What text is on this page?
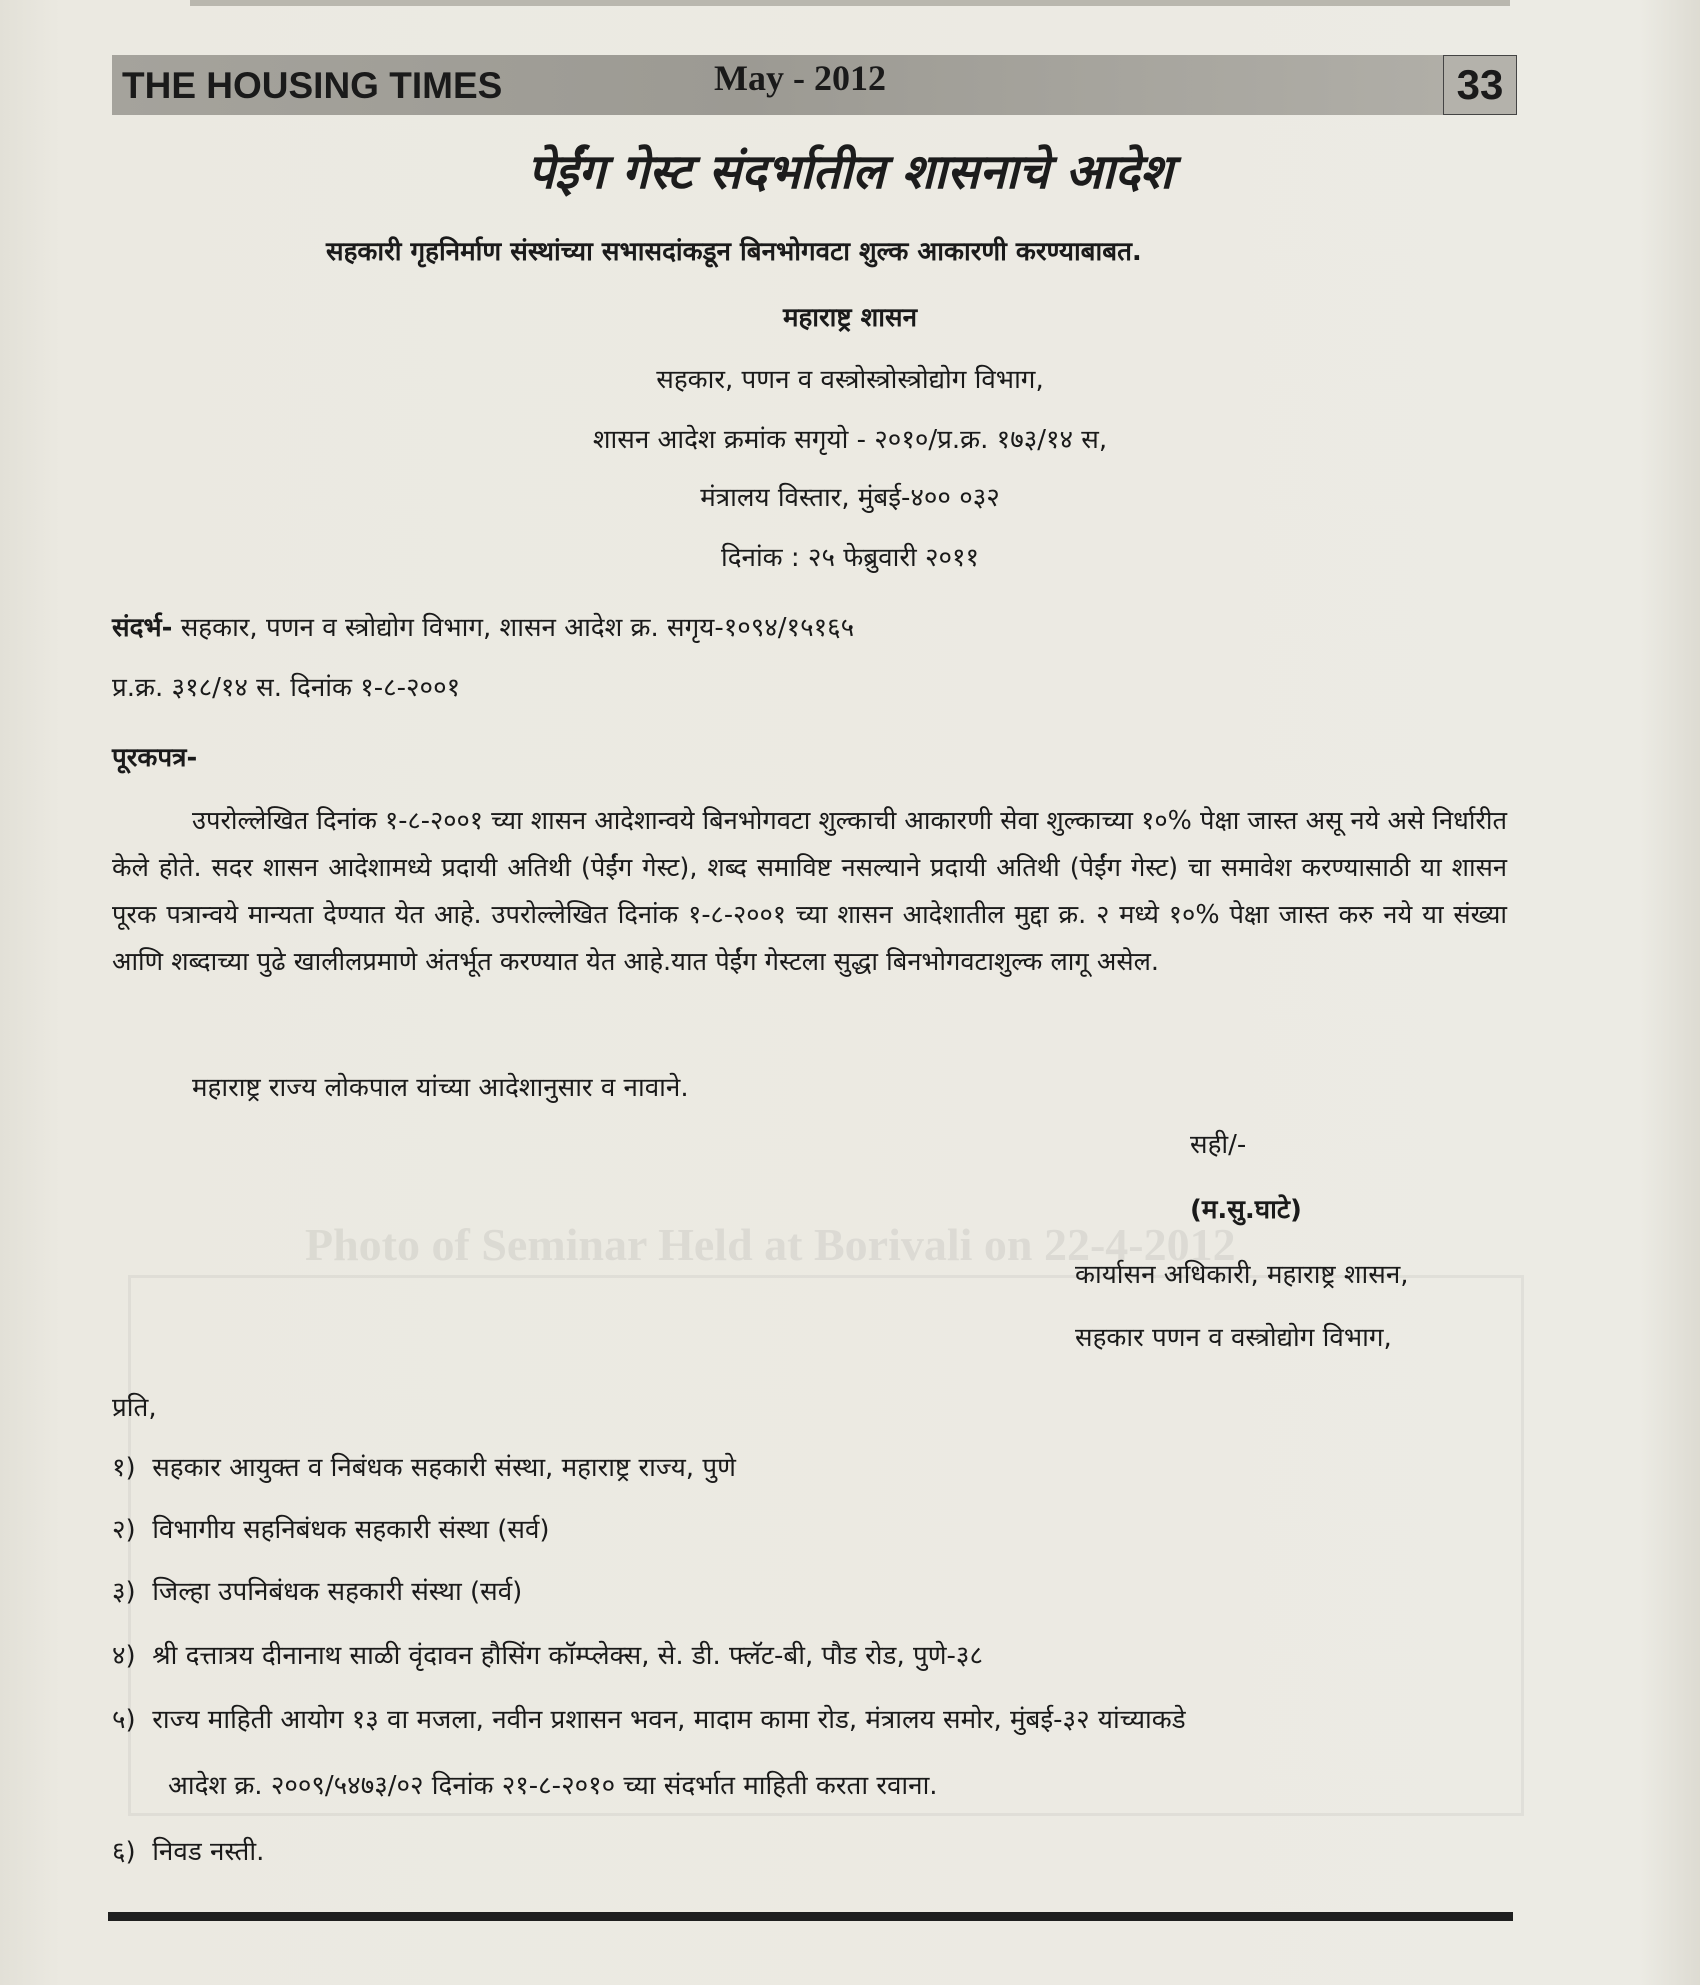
Photo of Seminar Held at Borivali on 22-4-2012
THE HOUSING TIMES	May - 2012	33
पेईंग गेस्ट संदर्भातील शासनाचे आदेश
सहकारी गृहनिर्माण संस्थांच्या सभासदांकडून बिनभोगवटा शुल्क आकारणी करण्याबाबत.
महाराष्ट्र शासन
सहकार, पणन व वस्त्रोस्त्रोस्त्रोद्योग विभाग,
शासन आदेश क्रमांक सगृयो - २०१०/प्र.क्र. १७३/१४ स,
मंत्रालय विस्तार, मुंबई-४०० ०३२
दिनांक : २५ फेब्रुवारी २०११
संदर्भ- सहकार, पणन व स्त्रोद्योग विभाग, शासन आदेश क्र. सगृय-१०९४/१५१६५
प्र.क्र. ३१८/१४ स. दिनांक १-८-२००१
पूरकपत्र-
उपरोल्लेखित दिनांक १-८-२००१ च्या शासन आदेशान्वये बिनभोगवटा शुल्काची आकारणी सेवा शुल्काच्या १०% पेक्षा जास्त असू नये असे निर्धारीत केले होते. सदर शासन आदेशामध्ये प्रदायी अतिथी (पेईंग गेस्ट), शब्द समाविष्ट नसल्याने प्रदायी अतिथी (पेईंग गेस्ट) चा समावेश करण्यासाठी या शासन पूरक पत्रान्वये मान्यता देण्यात येत आहे. उपरोल्लेखित दिनांक १-८-२००१ च्या शासन आदेशातील मुद्दा क्र. २ मध्ये १०% पेक्षा जास्त करु नये या संख्या आणि शब्दाच्या पुढे खालीलप्रमाणे अंतर्भूत करण्यात येत आहे.यात पेईंग गेस्टला सुद्धा बिनभोगवटाशुल्क लागू असेल.
महाराष्ट्र राज्य लोकपाल यांच्या आदेशानुसार व नावाने.
सही/-
(म.सु.घाटे)
कार्यासन अधिकारी, महाराष्ट्र शासन,
सहकार पणन व वस्त्रोद्योग विभाग,
प्रति,
१) सहकार आयुक्त व निबंधक सहकारी संस्था, महाराष्ट्र राज्य, पुणे
२) विभागीय सहनिबंधक सहकारी संस्था (सर्व)
३) जिल्हा उपनिबंधक सहकारी संस्था (सर्व)
४) श्री दत्तात्रय दीनानाथ साळी वृंदावन हौसिंग कॉम्प्लेक्स, से. डी. फ्लॅट-बी, पौड रोड, पुणे-३८
५) राज्य माहिती आयोग १३ वा मजला, नवीन प्रशासन भवन, मादाम कामा रोड, मंत्रालय समोर, मुंबई-३२ यांच्याकडे
आदेश क्र. २००९/५४७३/०२ दिनांक २१-८-२०१० च्या संदर्भात माहिती करता रवाना.
६) निवड नस्ती.
